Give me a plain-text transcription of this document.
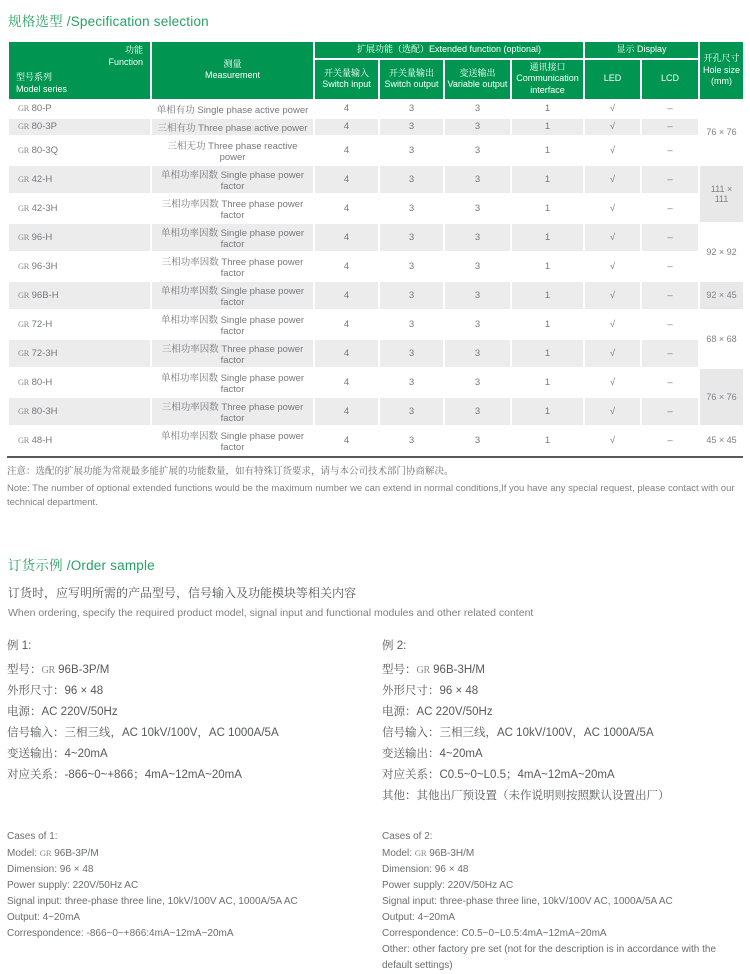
规格选型 /Specification selection
功能
Function
型号系列
Model series	测量
Measurement	扩展功能（选配）Extended function (optional)				显示 Display		开孔尺寸
Hole size
(mm)
		开关量输入
Switch input	开关量输出
Switch output	变送输出
Variable output	通讯接口
Communication
interface	LED	LCD	
GR 80-P	单相有功 Single phase active power	4	3	3	1	√	–	76 × 76
GR 80-3P	三相有功 Three phase active power	4	3	3	1	√	–	
GR 80-3Q	三相无功 Three phase reactive power	4	3	3	1	√	–	
GR 42-H	单相功率因数 Single phase power factor	4	3	3	1	√	–	111 × 111
GR 42-3H	三相功率因数 Three phase power factor	4	3	3	1	√	–	
GR 96-H	单相功率因数 Single phase power factor	4	3	3	1	√	–	92 × 92
GR 96-3H	三相功率因数 Three phase power factor	4	3	3	1	√	–	
GR 96B-H	单相功率因数 Single phase power factor	4	3	3	1	√	–	92 × 45
GR 72-H	单相功率因数 Single phase power factor	4	3	3	1	√	–	68 × 68
GR 72-3H	三相功率因数 Three phase power factor	4	3	3	1	√	–	
GR 80-H	单相功率因数 Single phase power factor	4	3	3	1	√	–	76 × 76
GR 80-3H	三相功率因数 Three phase power factor	4	3	3	1	√	–	
GR 48-H	单相功率因数 Single phase power factor	4	3	3	1	√	–	45 × 45

注意：选配的扩展功能为常规最多能扩展的功能数量，如有特殊订货要求，请与本公司技术部门协商解决。

Note: The number of optional extended functions would be the maximum number we can extend in normal conditions,If you have any special request, please contact with our technical department.

订货示例 /Order sample

订货时，应写明所需的产品型号，信号输入及功能模块等相关内容

When ordering, specify the required product model, signal input and functional modules and other related content

例 1:
型号：GR 96B-3P/M
外形尺寸：96 × 48
电源：AC 220V/50Hz
信号输入：三相三线，AC 10kV/100V，AC 1000A/5A
变送输出：4~20mA
对应关系：-866~0~+866；4mA~12mA~20mA
例 2:
型号：GR 96B-3H/M
外形尺寸：96 × 48
电源：AC 220V/50Hz
信号输入：三相三线，AC 10kV/100V，AC 1000A/5A
变送输出：4~20mA
对应关系：C0.5~0~L0.5；4mA~12mA~20mA
其他：其他出厂预设置（未作说明则按照默认设置出厂）
Cases of 1:
Model: GR 96B-3P/M
Dimension: 96 × 48
Power supply: 220V/50Hz AC
Signal input: three-phase three line, 10kV/100V AC, 1000A/5A AC
Output: 4~20mA
Correspondence: -866~0~+866:4mA~12mA~20mA
Cases of 2:
Model: GR 96B-3H/M
Dimension: 96 × 48
Power supply: 220V/50Hz AC
Signal input: three-phase three line, 10kV/100V AC, 1000A/5A AC
Output: 4~20mA
Correspondence: C0.5~0~L0.5:4mA~12mA~20mA
Other: other factory pre set (not for the description is in accordance with the default settings)
